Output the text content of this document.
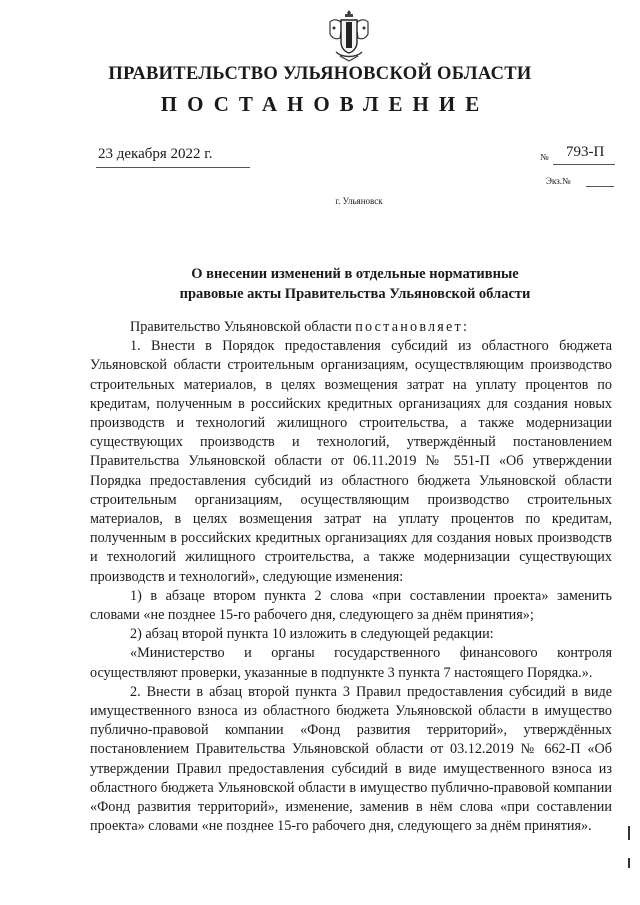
ПРАВИТЕЛЬСТВО УЛЬЯНОВСКОЙ ОБЛАСТИ
ПОСТАНОВЛЕНИЕ
23 декабря 2022 г.	№ 793-П
Экз.№
г. Ульяновск
О внесении изменений в отдельные нормативные
правовые акты Правительства Ульяновской области

Правительство Ульяновской области постановляет:

1. Внести в Порядок предоставления субсидий из областного бюджета Ульяновской области строительным организациям, осуществляющим производство строительных материалов, в целях возмещения затрат на уплату процентов по кредитам, полученным в российских кредитных организациях для создания новых производств и технологий жилищного строительства, а также модернизации существующих производств и технологий, утверждённый постановлением Правительства Ульяновской области от 06.11.2019 № 551-П «Об утверждении Порядка предоставления субсидий из областного бюджета Ульяновской области строительным организациям, осуществляющим производство строительных материалов, в целях возмещения затрат на уплату процентов по кредитам, полученным в российских кредитных организациях для создания новых производств и технологий жилищного строительства, а также модернизации существующих производств и технологий», следующие изменения:

1) в абзаце втором пункта 2 слова «при составлении проекта» заменить словами «не позднее 15-го рабочего дня, следующего за днём принятия»;

2) абзац второй пункта 10 изложить в следующей редакции:

«Министерство и органы государственного финансового контроля осуществляют проверки, указанные в подпункте 3 пункта 7 настоящего Порядка.».

2. Внести в абзац второй пункта 3 Правил предоставления субсидий в виде имущественного взноса из областного бюджета Ульяновской области в имущество публично-правовой компании «Фонд развития территорий», утверждённых постановлением Правительства Ульяновской области от 03.12.2019 № 662-П «Об утверждении Правил предоставления субсидий в виде имущественного взноса из областного бюджета Ульяновской области в имущество публично-правовой компании «Фонд развития территорий», изменение, заменив в нём слова «при составлении проекта» словами «не позднее 15-го рабочего дня, следующего за днём принятия».
